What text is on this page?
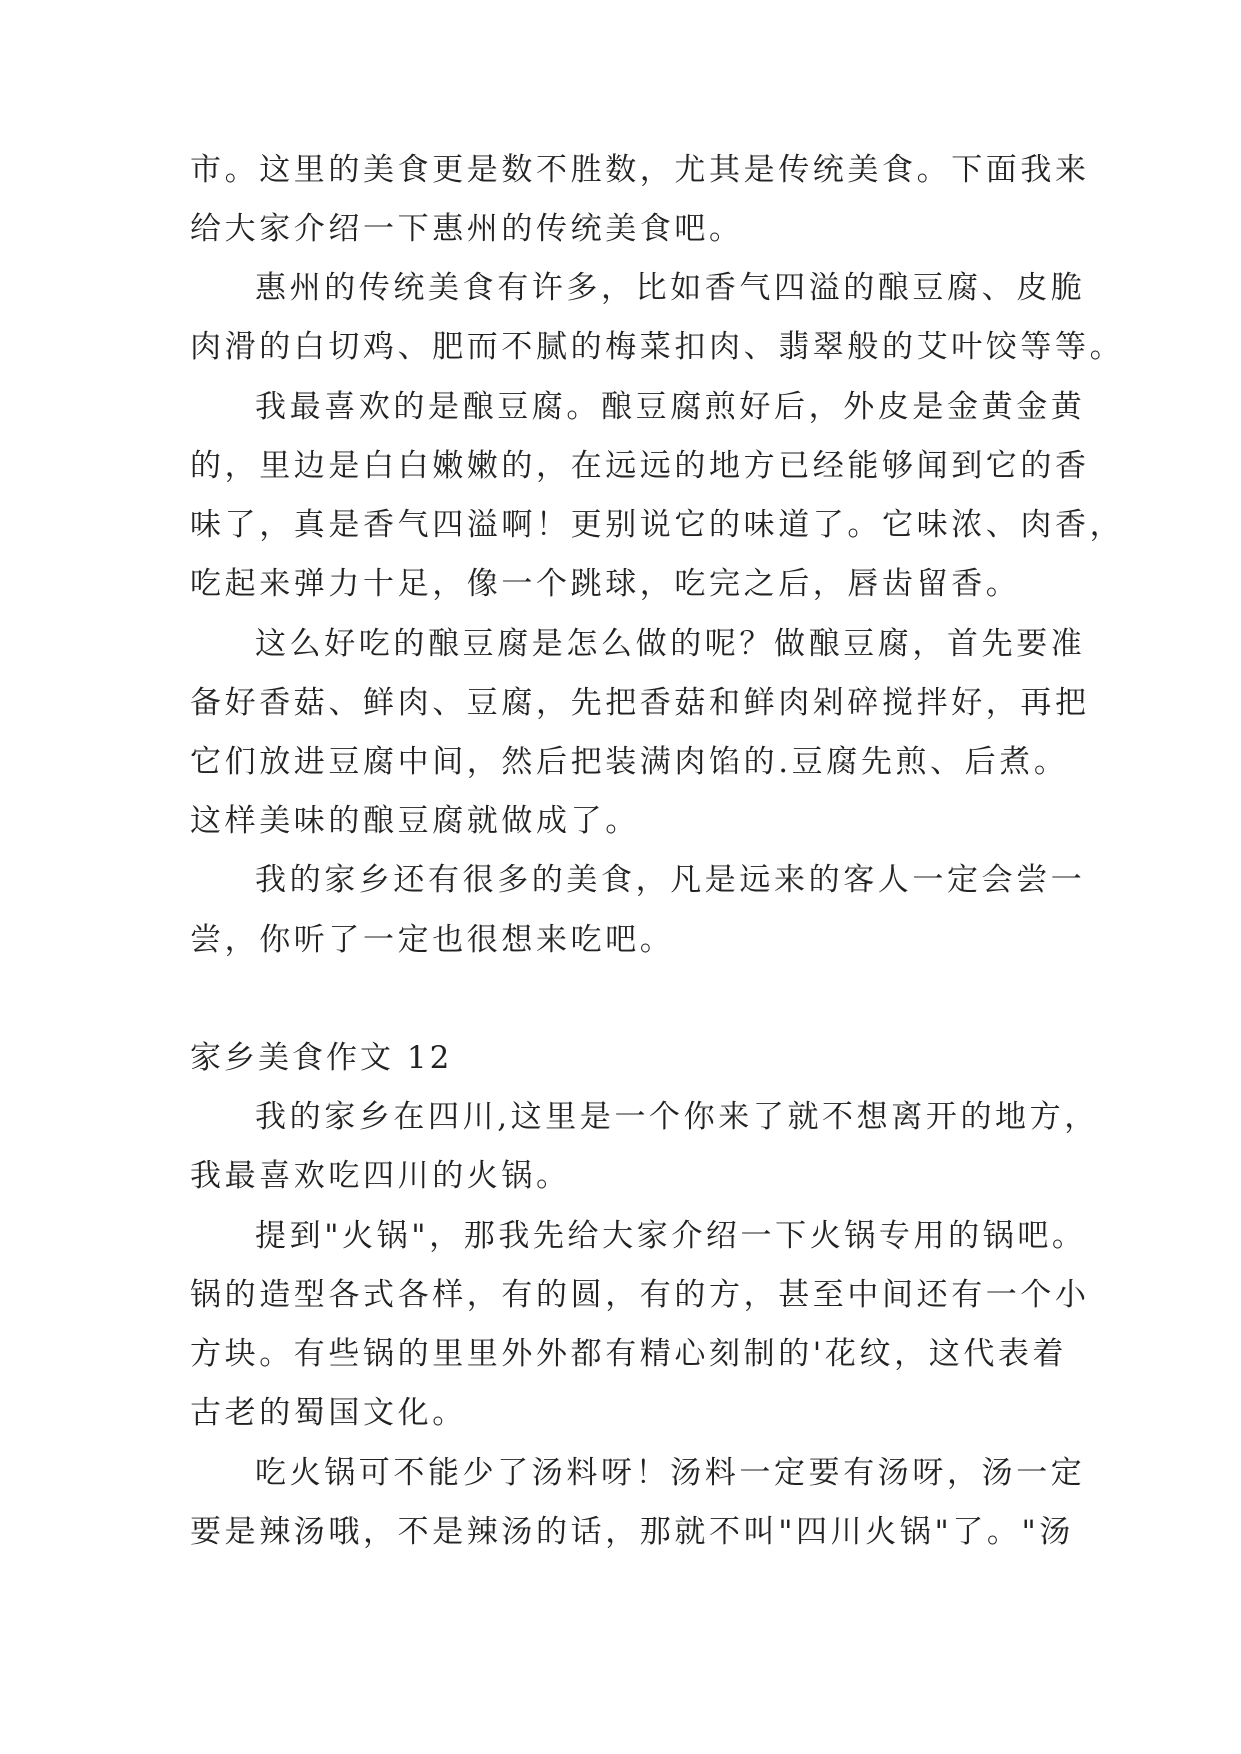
市。这里的美食更是数不胜数，尤其是传统美食。下面我来
给大家介绍一下惠州的传统美食吧。
惠州的传统美食有许多，比如香气四溢的酿豆腐、皮脆
肉滑的白切鸡、肥而不腻的梅菜扣肉、翡翠般的艾叶饺等等。
我最喜欢的是酿豆腐。酿豆腐煎好后，外皮是金黄金黄
的，里边是白白嫩嫩的，在远远的地方已经能够闻到它的香
味了，真是香气四溢啊！更别说它的味道了。它味浓、肉香，
吃起来弹力十足，像一个跳球，吃完之后，唇齿留香。
这么好吃的酿豆腐是怎么做的呢？做酿豆腐，首先要准
备好香菇、鲜肉、豆腐，先把香菇和鲜肉剁碎搅拌好，再把
它们放进豆腐中间，然后把装满肉馅的.豆腐先煎、后煮。
这样美味的酿豆腐就做成了。
我的家乡还有很多的美食，凡是远来的客人一定会尝一
尝，你听了一定也很想来吃吧。
家乡美食作文 12
我的家乡在四川,这里是一个你来了就不想离开的地方，
我最喜欢吃四川的火锅。
提到"火锅"，那我先给大家介绍一下火锅专用的锅吧。
锅的造型各式各样，有的圆，有的方，甚至中间还有一个小
方块。有些锅的里里外外都有精心刻制的'花纹，这代表着
古老的蜀国文化。
吃火锅可不能少了汤料呀！汤料一定要有汤呀，汤一定
要是辣汤哦，不是辣汤的话，那就不叫"四川火锅"了。"汤
